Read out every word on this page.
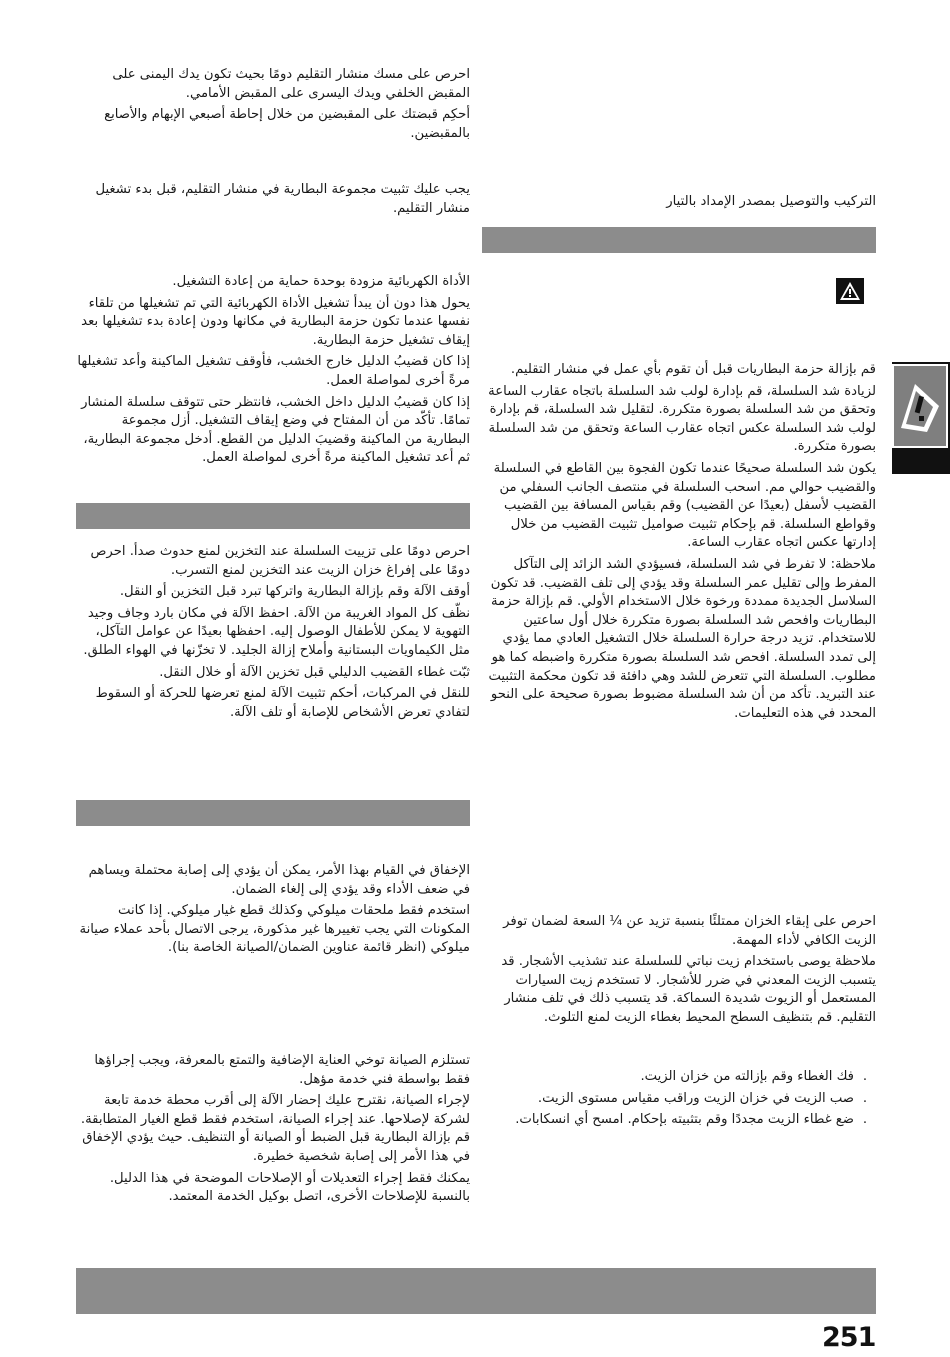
احرص على مسك منشار التقليم دومًا بحيث تكون يدك اليمنى على المقبض الخلفي ويدك اليسرى على المقبض الأمامي.

أحكِم قبضتك على المقبضين من خلال إحاطة أصبعي الإبهام والأصابع بالمقبضين.

يجب عليك تثبيت مجموعة البطارية في منشار التقليم، قبل بدء تشغيل منشار التقليم.

الأداة الكهربائية مزودة بوحدة حماية من إعادة التشغيل.

يحول هذا دون أن يبدأ تشغيل الأداة الكهربائية التي تم تشغيلها من تلقاء نفسها عندما تكون حزمة البطارية في مكانها ودون إعادة بدء تشغيلها بعد إيقاف تشغيل حزمة البطارية.

إذا كان قضيبُ الدليل خارج الخشب، فأوقف تشغيل الماكينة وأعد تشغيلها مرةً أخرى لمواصلة العمل.

إذا كان قضيبُ الدليل داخل الخشب، فانتظر حتى تتوقف سلسلة المنشار تمامًا. تأكّد من أن المفتاح في وضع إيقاف التشغيل. أزل مجموعة البطارية من الماكينة وقضيبَ الدليل من القطع. أدخل مجموعة البطارية، ثم أعد تشغيل الماكينة مرةً أخرى لمواصلة العمل.

احرص دومًا على تزييت السلسلة عند التخزين لمنع حدوث صدأ. احرص دومًا على إفراغ خزان الزيت عند التخزين لمنع التسرب.

أوقف الآلة وقم بإزالة البطارية واتركها تبرد قبل التخزين أو النقل.

نظّف كل المواد الغريبة من الآلة. احفظ الآلة في مكان بارد وجاف وجيد التهوية لا يمكن للأطفال الوصول إليه. احفظها بعيدًا عن عوامل التآكل، مثل الكيماويات البستانية وأملاح إزالة الجليد. لا تخزّنها في الهواء الطلق.

ثبّت غطاء القضيب الدليلي قبل تخزين الآلة أو خلال النقل.

للنقل في المركبات، أحكم تثبيت الآلة لمنع تعرضها للحركة أو السقوط لتفادي تعرض الأشخاص للإصابة أو تلف الآلة.

الإخفاق في القيام بهذا الأمر، يمكن أن يؤدي إلى إصابة محتملة ويساهم في ضعف الأداء وقد يؤدي إلى إلغاء الضمان.

استخدم فقط ملحقات ميلوكي وكذلك قطع غيار ميلوكي. إذا كانت المكونات التي يجب تغييرها غير مذكورة، يرجى الاتصال بأحد عملاء صيانة ميلوكي (انظر قائمة عناوين الضمان/الصيانة الخاصة بنا).

تستلزم الصيانة توخي العناية الإضافية والتمتع بالمعرفة، ويجب إجراؤها فقط بواسطة فني خدمة مؤهل.

لإجراء الصيانة، نقترح عليك إحضار الآلة إلى أقرب محطة خدمة تابعة لشركة لإصلاحها. عند إجراء الصيانة، استخدم فقط قطع الغيار المتطابقة. قم بإزالة البطارية قبل الضبط أو الصيانة أو التنظيف. حيث يؤدي الإخفاق في هذا الأمر إلى إصابة شخصية خطيرة.

يمكنك فقط إجراء التعديلات أو الإصلاحات الموضحة في هذا الدليل. بالنسبة للإصلاحات الأخرى، اتصل بوكيل الخدمة المعتمد.

التركيب والتوصيل بمصدر الإمداد بالتيار

قم بإزالة حزمة البطاريات قبل أن تقوم بأي عمل في منشار التقليم.

لزيادة شد السلسلة، قم بإدارة لولب شد السلسلة باتجاه عقارب الساعة وتحقق من شد السلسلة بصورة متكررة. لتقليل شد السلسلة، قم بإدارة لولب شد السلسلة عكس اتجاه عقارب الساعة وتحقق من شد السلسلة بصورة متكررة.

يكون شد السلسلة صحيحًا عندما تكون الفجوة بين القاطع في السلسلة والقضيب حوالي مم. اسحب السلسلة في منتصف الجانب السفلي من القضيب لأسفل (بعيدًا عن القضيب) وقم بقياس المسافة بين القضيب وقواطع السلسلة. قم بإحكام تثبيت صواميل تثبيت القضيب من خلال إدارتها عكس اتجاه عقارب الساعة.

ملاحظة: لا تفرط في شد السلسلة، فسيؤدي الشد الزائد إلى التآكل المفرط وإلى تقليل عمر السلسلة وقد يؤدي إلى تلف القضيب. قد تكون السلاسل الجديدة ممددة ورخوة خلال الاستخدام الأولي. قم بإزالة حزمة البطاريات وافحص شد السلسلة بصورة متكررة خلال أول ساعتين للاستخدام. تزيد درجة حرارة السلسلة خلال التشغيل العادي مما يؤدي إلى تمدد السلسلة. افحص شد السلسلة بصورة متكررة واضبطه كما هو مطلوب. السلسلة التي تتعرض للشد وهي دافئة قد تكون محكمة التثبيت عند التبريد. تأكد من أن شد السلسلة مضبوط بصورة صحيحة على النحو المحدد في هذه التعليمات.

احرص على إبقاء الخزان ممتلئًا بنسبة تزيد عن ¼ السعة لضمان توفر الزيت الكافي لأداء المهمة.

ملاحظة يوصى باستخدام زيت نباتي للسلسلة عند تشذيب الأشجار. قد يتسبب الزيت المعدني في ضرر للأشجار. لا تستخدم زيت السيارات المستعمل أو الزيوت شديدة السماكة. قد يتسبب ذلك في تلف منشار التقليم. قم بتنظيف السطح المحيط بغطاء الزيت لمنع التلوث.

.فك الغطاء وقم بإزالته من خزان الزيت.

.صب الزيت في خزان الزيت وراقب مقياس مستوى الزيت.

.ضع غطاء الزيت مجددًا وقم بتثبيته بإحكام. امسح أي انسكابات.

251
